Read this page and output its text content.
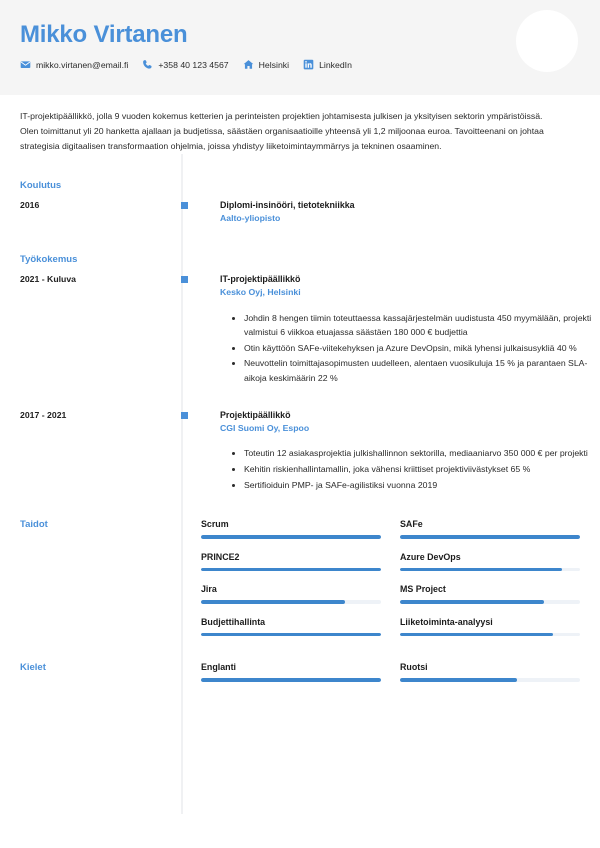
Mikko Virtanen
mikko.virtanen@email.fi	+358 40 123 4567	Helsinki	LinkedIn
IT-projektipäällikkö, jolla 9 vuoden kokemus ketterien ja perinteisten projektien johtamisesta julkisen ja yksityisen sektorin ympäristöissä. Olen toimittanut yli 20 hanketta ajallaan ja budjetissa, säästäen organisaatioille yhteensä yli 1,2 miljoonaa euroa. Tavoitteenani on johtaa strategisia digitaalisen transformaation ohjelmia, joissa yhdistyy liiketoimintaymmärrys ja tekninen osaaminen.
Koulutus
2016	Diplomi-insinööri, tietotekniikka
Aalto-yliopisto
Työkokemus
2021 - Kuluva	IT-projektipäällikkö
Kesko Oyj, Helsinki
Johdin 8 hengen tiimin toteuttaessa kassajärjestelmän uudistusta 450 myymälään, projekti valmistui 6 viikkoa etuajassa säästäen 180 000 € budjettia
Otin käyttöön SAFe-viitekehyksen ja Azure DevOpsin, mikä lyhensi julkaisusykliä 40 %
Neuvottelin toimittajasopimusten uudelleen, alentaen vuosikuluja 15 % ja parantaen SLA-aikoja keskimäärin 22 %
2017 - 2021	Projektipäällikkö
CGI Suomi Oy, Espoo
Toteutin 12 asiakasprojektia julkishallinnon sektorilla, mediaaniarvo 350 000 € per projekti
Kehitin riskienhallintamallin, joka vähensi kriittiset projektiviivästykset 65 %
Sertifioiduin PMP- ja SAFe-agilistiksi vuonna 2019
Taidot	Scrum	SAFe
PRINCE2	Azure DevOps
Jira	MS Project
Budjettihallinta	Liiketoiminta-analyysi
Kielet	Englanti	Ruotsi
